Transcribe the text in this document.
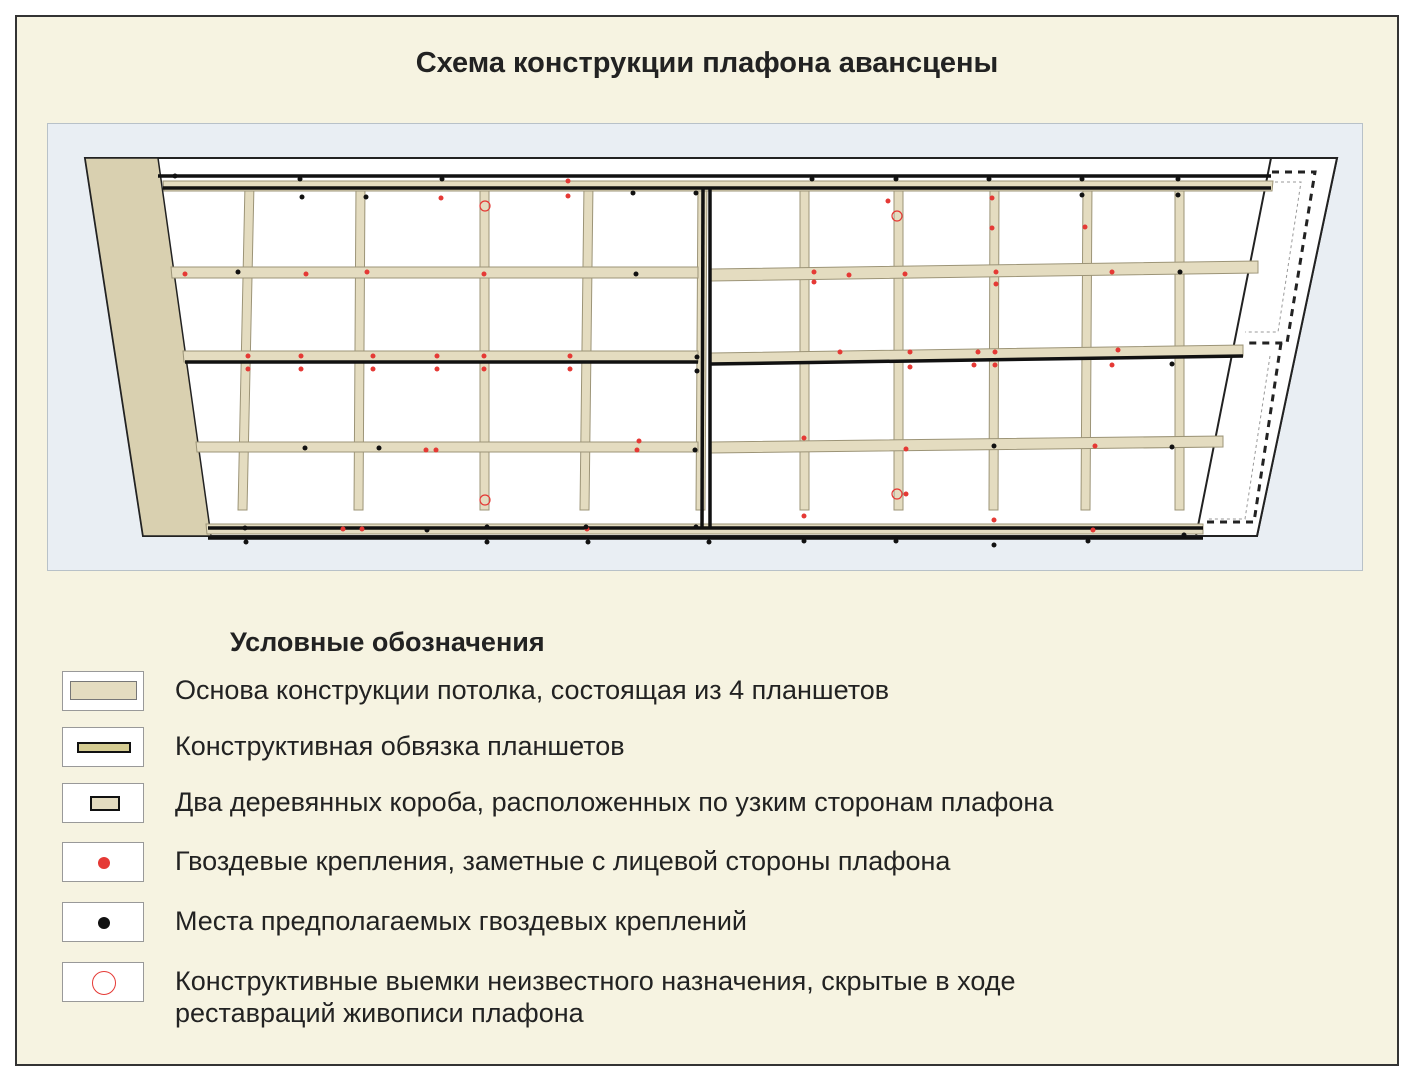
Схема конструкции плафона авансцены
Условные обозначения
Основа конструкции потолка, состоящая из 4 планшетов
Конструктивная обвязка планшетов
Два деревянных короба, расположенных по узким сторонам плафона
Гвоздевые крепления, заметные с лицевой стороны плафона
Места предполагаемых гвоздевых креплений
Конструктивные выемки неизвестного назначения, скрытые в ходе
реставраций живописи плафона
